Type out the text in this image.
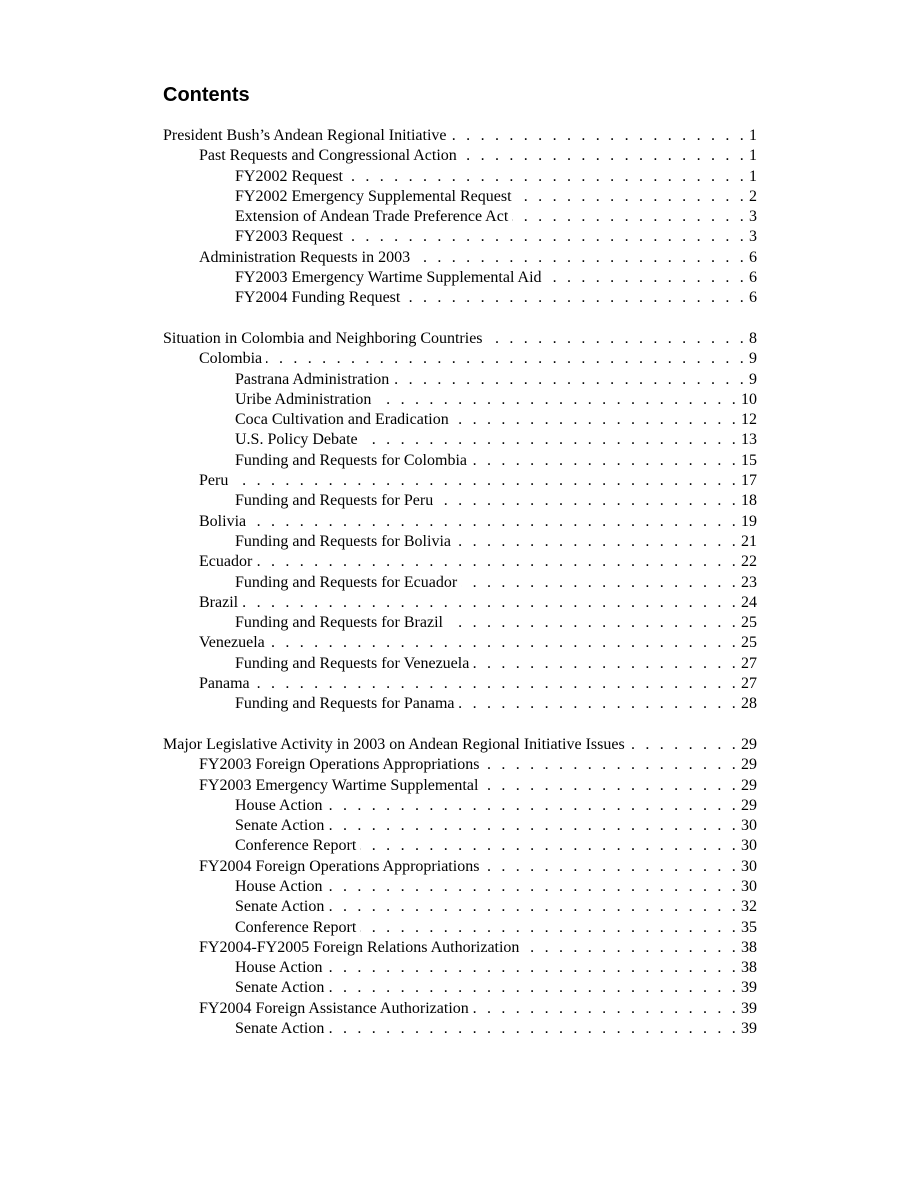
Contents
President Bush’s Andean Regional Initiative . . .	1
Past Requests and Congressional Action . . .	1
FY2002 Request . . .	1
FY2002 Emergency Supplemental Request . . .	2
Extension of Andean Trade Preference Act . . .	3
FY2003 Request . . .	3
Administration Requests in 2003 . . .	6
FY2003 Emergency Wartime Supplemental Aid . . .	6
FY2004 Funding Request . . .	6
Situation in Colombia and Neighboring Countries . . .	8
Colombia . . .	9
Pastrana Administration . . .	9
Uribe Administration . . .	10
Coca Cultivation and Eradication . . .	12
U.S. Policy Debate . . .	13
Funding and Requests for Colombia . . .	15
Peru . . .	17
Funding and Requests for Peru . . .	18
Bolivia . . .	19
Funding and Requests for Bolivia . . .	21
Ecuador . . .	22
Funding and Requests for Ecuador . . .	23
Brazil . . .	24
Funding and Requests for Brazil . . .	25
Venezuela . . .	25
Funding and Requests for Venezuela . . .	27
Panama . . .	27
Funding and Requests for Panama . . .	28
Major Legislative Activity in 2003 on Andean Regional Initiative Issues . . .	29
FY2003 Foreign Operations Appropriations . . .	29
FY2003 Emergency Wartime Supplemental . . .	29
House Action . . .	29
Senate Action . . .	30
Conference Report . . .	30
FY2004 Foreign Operations Appropriations . . .	30
House Action . . .	30
Senate Action . . .	32
Conference Report . . .	35
FY2004-FY2005 Foreign Relations Authorization . . .	38
House Action . . .	38
Senate Action . . .	39
FY2004 Foreign Assistance Authorization . . .	39
Senate Action . . .	39
